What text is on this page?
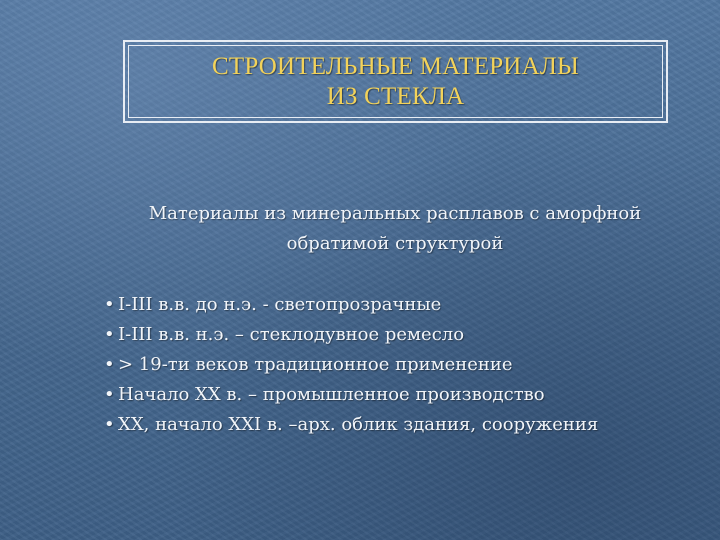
СТРОИТЕЛЬНЫЕ МАТЕРИАЛЫ
ИЗ СТЕКЛА
Материалы из минеральных расплавов с аморфной
обратимой структурой
• I-III в.в. до н.э. - светопрозрачные
• I-III в.в. н.э. – стеклодувное ремесло
• > 19-ти веков традиционное применение
• Начало XX в. – промышленное производство
• XX, начало XXI в. –арх. облик здания, сооружения
